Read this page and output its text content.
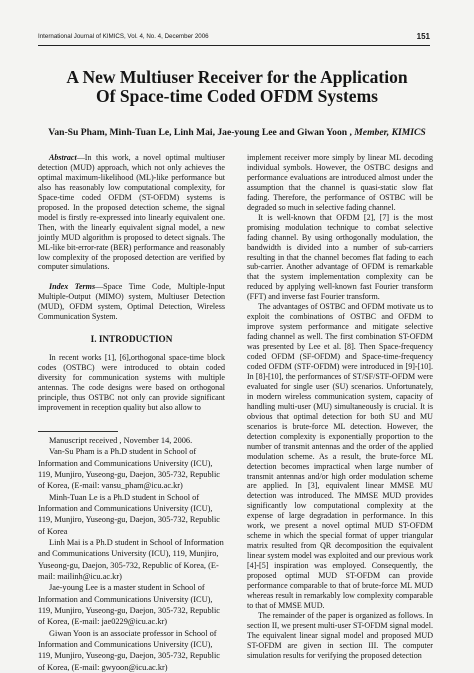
International Journal of KIMICS, Vol. 4, No. 4, December 2006	151
A New Multiuser Receiver for the Application
Of Space-time Coded OFDM Systems
Van-Su Pham, Minh-Tuan Le, Linh Mai, Jae-young Lee and Giwan Yoon , Member, KIMICS

Abstract—In this work, a novel optimal multiuser detection (MUD) approach, which not only achieves the optimal maximum-likelihood (ML)-like performance but also has reasonably low computational complexity, for Space-time coded OFDM (ST-OFDM) systems is proposed. In the proposed detection scheme, the signal model is firstly re-expressed into linearly equivalent one. Then, with the linearly equivalent signal model, a new jointly MUD algorithm is proposed to detect signals. The ML-like bit-error-rate (BER) performance and reasonably low complexity of the proposed detection are verified by computer simulations.

Index Terms—Space Time Code, Multiple-Input Multiple-Output (MIMO) system, Multiuser Detection (MUD), OFDM system, Optimal Detection, Wireless Communication System.

I. INTRODUCTION

In recent works [1], [6],orthogonal space-time block codes (OSTBC) were introduced to obtain coded diversity for communication systems with multiple antennas. The code designs were based on orthogonal principle, thus OSTBC not only can provide significant improvement in reception quality but also allow to

Manuscript received , November 14, 2006.

Van-Su Pham is a Ph.D student in School of Information and Communications University (ICU), 119, Munjiro, Yuseong-gu, Daejon, 305-732, Republic of Korea, (E-mail: vansu_pham@icu.ac.kr)

Minh-Tuan Le is a Ph.D student in School of Information and Communications University (ICU), 119, Munjiro, Yuseong-gu, Daejon, 305-732, Republic of Korea

Linh Mai is a Ph.D student in School of Information and Communications University (ICU), 119, Munjiro, Yuseong-gu, Daejon, 305-732, Republic of Korea, (E-mail: mailinh@icu.ac.kr)

Jae-young Lee is a master student in School of Information and Communications University (ICU), 119, Munjiro, Yuseong-gu, Daejon, 305-732, Republic of Korea, (E-mail: jae0229@icu.ac.kr)

Giwan Yoon is an associate professor in School of Information and Communications University (ICU), 119, Munjiro, Yuseong-gu, Daejon, 305-732, Republic of Korea, (E-mail: gwyoon@icu.ac.kr)

implement receiver more simply by linear ML decoding individual symbols. However, the OSTBC designs and performance evaluations are introduced almost under the assumption that the channel is quasi-static slow flat fading. Therefore, the performance of OSTBC will be degraded so much in selective fading channel.

It is well-known that OFDM [2], [7] is the most promising modulation technique to combat selective fading channel. By using orthogonally modulation, the bandwidth is divided into a number of sub-carriers resulting in that the channel becomes flat fading to each sub-carrier. Another advantage of OFDM is remarkable that the system implementation complexity can be reduced by applying well-known fast Fourier transform (FFT) and inverse fast Fourier transform.

The advantages of OSTBC and OFDM motivate us to exploit the combinations of OSTBC and OFDM to improve system performance and mitigate selective fading channel as well. The first combination ST-OFDM was presented by Lee et al. [8]. Then Space-frequency coded OFDM (SF-OFDM) and Space-time-frequency coded OFDM (STF-OFDM) were introduced in [9]-[10]. In [8]-[10], the performances of ST/SF/STF-OFDM were evaluated for single user (SU) scenarios. Unfortunately, in modern wireless communication system, capacity of handling multi-user (MU) simultaneously is crucial. It is obvious that optimal detection for both SU and MU scenarios is brute-force ML detection. However, the detection complexity is exponentially proportion to the number of transmit antennas and the order of the applied modulation scheme. As a result, the brute-force ML detection becomes impractical when large number of transmit antennas and/or high order modulation scheme are applied. In [3], equivalent linear MMSE MU detection was introduced. The MMSE MUD provides significantly low computational complexity at the expense of large degradation in performance. In this work, we present a novel optimal MUD ST-OFDM scheme in which the special format of upper triangular matrix resulted from QR decomposition the equivalent linear system model was exploited and our previous work [4]-[5] inspiration was employed. Consequently, the proposed optimal MUD ST-OFDM can provide performance comparable to that of brute-force ML MUD whereas result in remarkably low complexity comparable to that of MMSE MUD.

The remainder of the paper is organized as follows. In section II, we present multi-user ST-OFDM signal model. The equivalent linear signal model and proposed MUD ST-OFDM are given in section III. The computer simulation results for verifying the proposed detection
